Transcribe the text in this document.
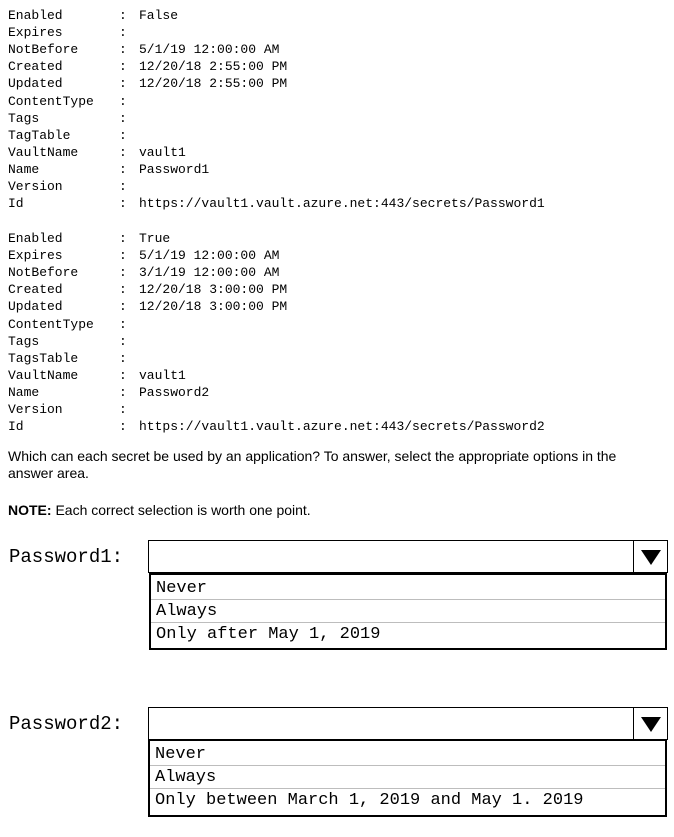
Enabled	: False
Expires	:
NotBefore	: 5/1/19 12:00:00 AM
Created	: 12/20/18 2:55:00 PM
Updated	: 12/20/18 2:55:00 PM
ContentType :
Tags	:
TagTable	:
VaultName	: vault1
Name	: Password1
Version	:
Id	: https://vault1.vault.azure.net:443/secrets/Password1
Enabled	: True
Expires	: 5/1/19 12:00:00 AM
NotBefore	: 3/1/19 12:00:00 AM
Created	: 12/20/18 3:00:00 PM
Updated	: 12/20/18 3:00:00 PM
ContentType :
Tags	:
TagsTable	:
VaultName	: vault1
Name	: Password2
Version	:
Id	: https://vault1.vault.azure.net:443/secrets/Password2
Which can each secret be used by an application? To answer, select the appropriate options in the answer area.
NOTE: Each correct selection is worth one point.
Password1:
Never
Always
Only after May 1, 2019
Password2:
Never
Always
Only between March 1, 2019 and May 1. 2019
